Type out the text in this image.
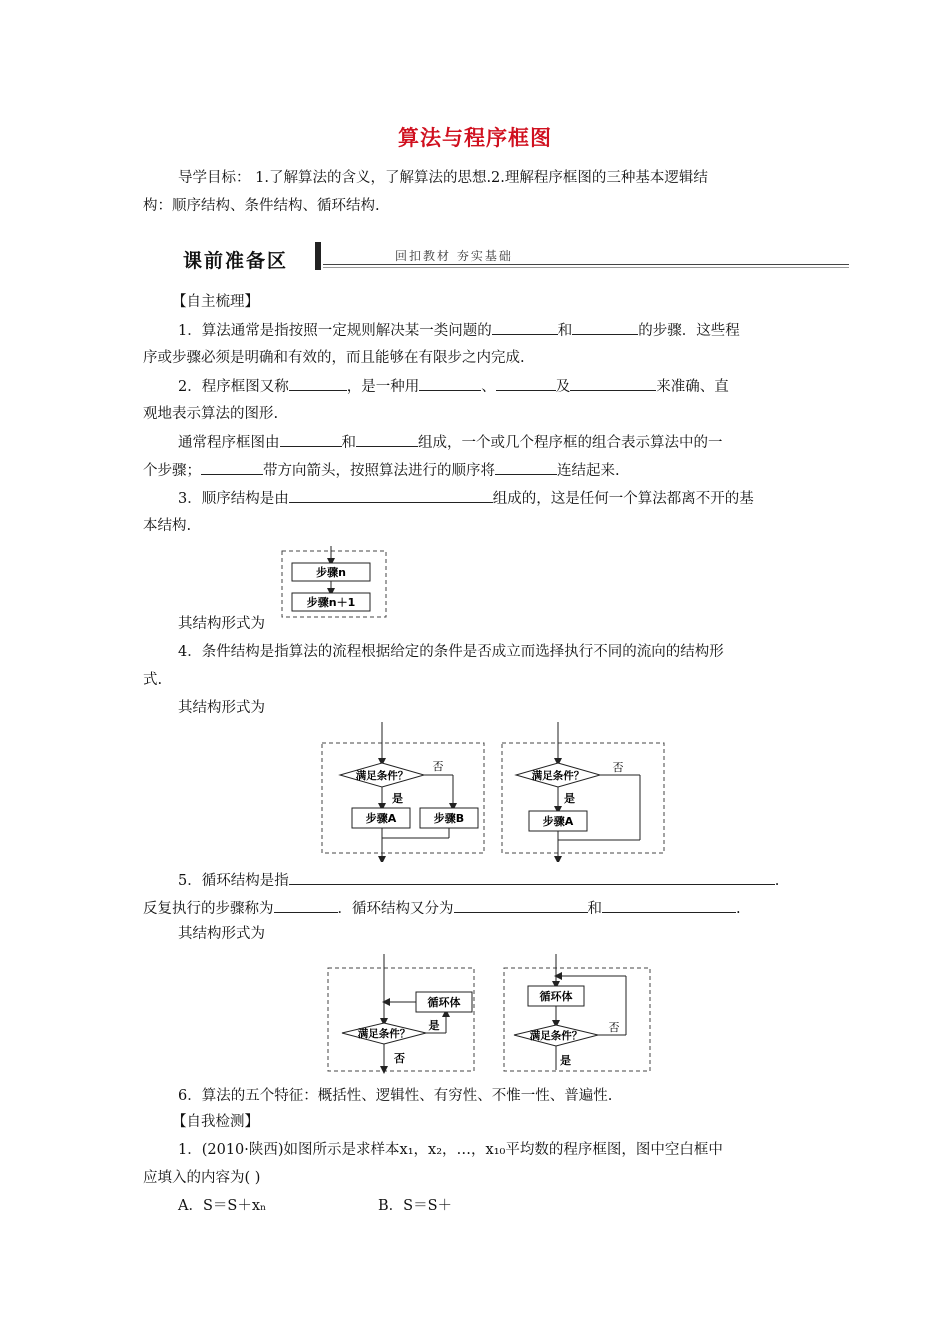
算法与程序框图
导学目标： 1.了解算法的含义，了解算法的思想.2.理解程序框图的三种基本逻辑结
构：顺序结构、条件结构、循环结构.
课前准备区	回扣教材 夯实基础
【自主梳理】
1．算法通常是指按照一定规则解决某一类问题的	和	的步骤．这些程
序或步骤必须是明确和有效的，而且能够在有限步之内完成.
2．程序框图又称	，是一种用	、	及	来准确、直
观地表示算法的图形.
通常程序框图由	和	组成，一个或几个程序框的组合表示算法中的一
个步骤；	带方向箭头，按照算法进行的顺序将	连结起来.
3．顺序结构是由	组成的，这是任何一个算法都离不开的基
本结构.
步骤n
步骤n＋1
其结构形式为
4．条件结构是指算法的流程根据给定的条件是否成立而选择执行不同的流向的结构形
式.
其结构形式为
满足条件？
否
是
步骤A	步骤B
满足条件？
否
是
步骤A
5．循环结构是指	.
反复执行的步骤称为	．循环结构又分为	和	.
其结构形式为
满足条件？
是
循环体
否
循环体
满足条件？
否
是
6．算法的五个特征：概括性、逻辑性、有穷性、不惟一性、普遍性.
【自我检测】
1．(2010·陕西)如图所示是求样本x₁，x₂，…，x₁₀平均数的程序框图，图中空白框中
应填入的内容为( )
A．S＝S＋xₙ	B．S＝S＋
